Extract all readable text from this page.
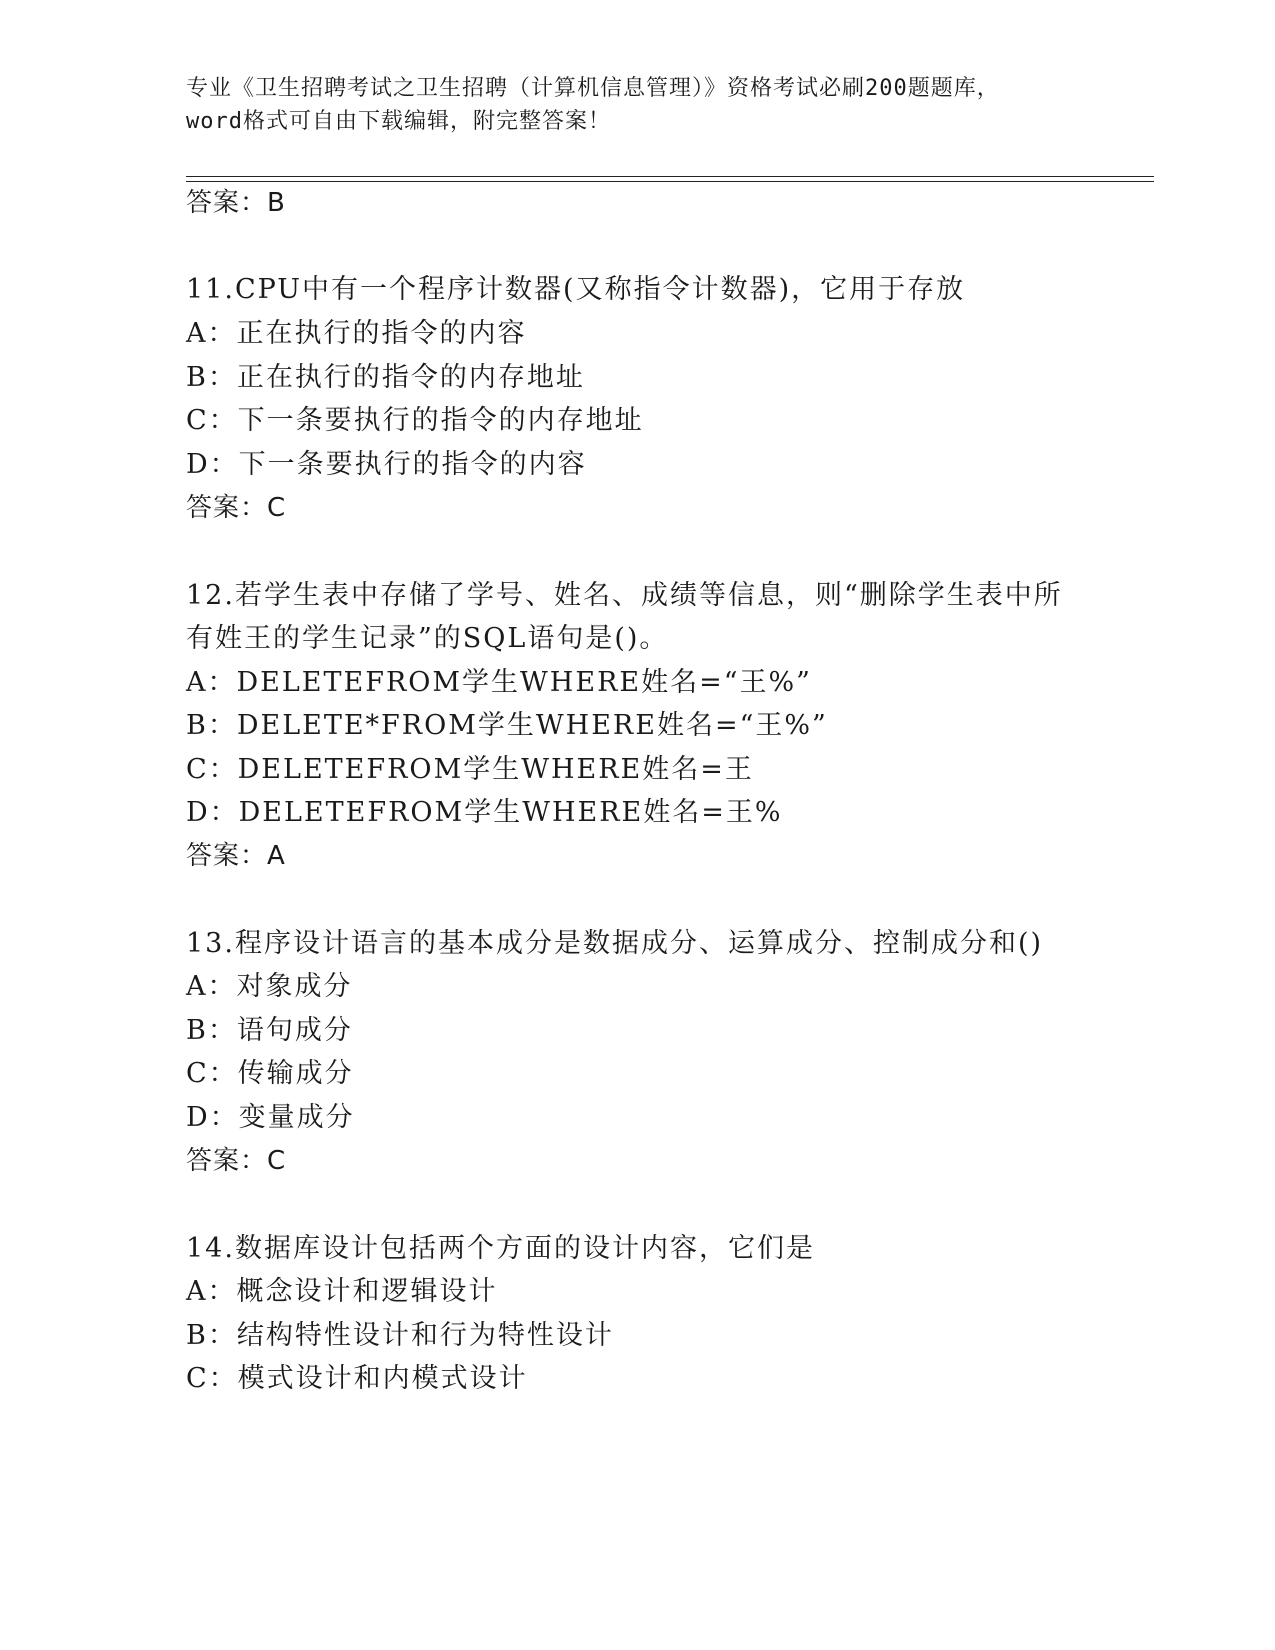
专业《卫生招聘考试之卫生招聘（计算机信息管理）》资格考试必刷200题题库，
word格式可自由下载编辑，附完整答案！
答案：B
11.CPU中有一个程序计数器(又称指令计数器)，它用于存放
A：正在执行的指令的内容
B：正在执行的指令的内存地址
C：下一条要执行的指令的内存地址
D：下一条要执行的指令的内容
答案：C
12.若学生表中存储了学号、姓名、成绩等信息，则“删除学生表中所
有姓王的学生记录”的SQL语句是()。
A：DELETEFROM学生WHERE姓名=“王%”
B：DELETE*FROM学生WHERE姓名=“王%”
C：DELETEFROM学生WHERE姓名=王
D：DELETEFROM学生WHERE姓名=王%
答案：A
13.程序设计语言的基本成分是数据成分、运算成分、控制成分和()
A：对象成分
B：语句成分
C：传输成分
D：变量成分
答案：C
14.数据库设计包括两个方面的设计内容，它们是
A：概念设计和逻辑设计
B：结构特性设计和行为特性设计
C：模式设计和内模式设计
